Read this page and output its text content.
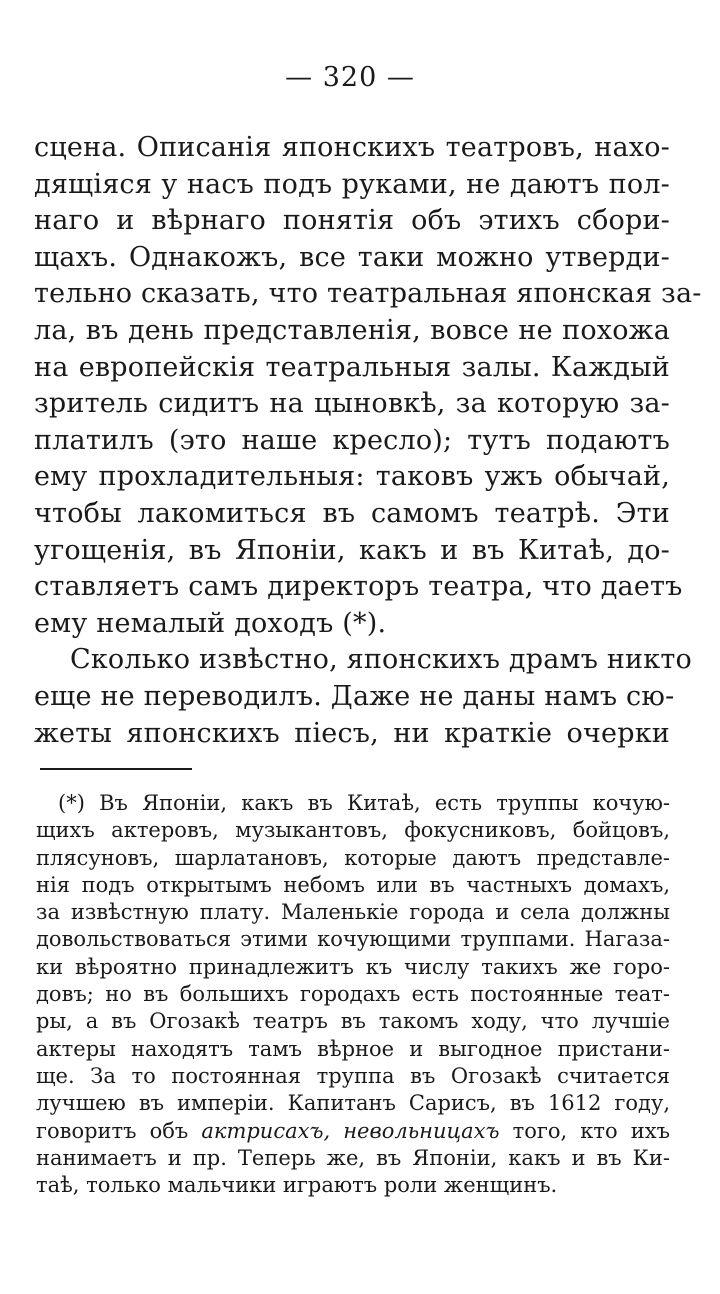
— 320 —
сцена. Описанія японскихъ театровъ, нахо-
дящіяся у насъ подъ руками, не даютъ пол-
наго и вѣрнаго понятія объ этихъ сбори-
щахъ. Однакожъ, все таки можно утверди-
тельно сказать, что театральная японская за-
ла, въ день представленія, вовсе не похожа
на европейскія театральныя залы. Каждый
зритель сидитъ на цыновкѣ, за которую за-
платилъ (это наше кресло); тутъ подаютъ
ему прохладительныя: таковъ ужъ обычай,
чтобы лакомиться въ самомъ театрѣ. Эти
угощенія, въ Японіи, какъ и въ Китаѣ, до-
ставляетъ самъ директоръ театра, что даетъ
ему немалый доходъ (*).
Сколько извѣстно, японскихъ драмъ никто
еще не переводилъ. Даже не даны намъ сю-
жеты японскихъ піесъ, ни краткіе очерки
(*) Въ Японіи, какъ въ Китаѣ, есть труппы кочую-
щихъ актеровъ, музыкантовъ, фокусниковъ, бойцовъ,
плясуновъ, шарлатановъ, которые даютъ представле-
нія подъ открытымъ небомъ или въ частныхъ домахъ,
за извѣстную плату. Маленькіе города и села должны
довольствоваться этими кочующими труппами. Нагаза-
ки вѣроятно принадлежитъ къ числу такихъ же горо-
довъ; но въ большихъ городахъ есть постоянные теат-
ры, а въ Огозакѣ театръ въ такомъ ходу, что лучшіе
актеры находятъ тамъ вѣрное и выгодное пристани-
ще. За то постоянная труппа въ Огозакѣ считается
лучшею въ имперіи. Капитанъ Сарисъ, въ 1612 году,
говоритъ объ актрисахъ, невольницахъ того, кто ихъ
нанимаетъ и пр. Теперь же, въ Японіи, какъ и въ Ки-
таѣ, только мальчики играютъ роли женщинъ.
